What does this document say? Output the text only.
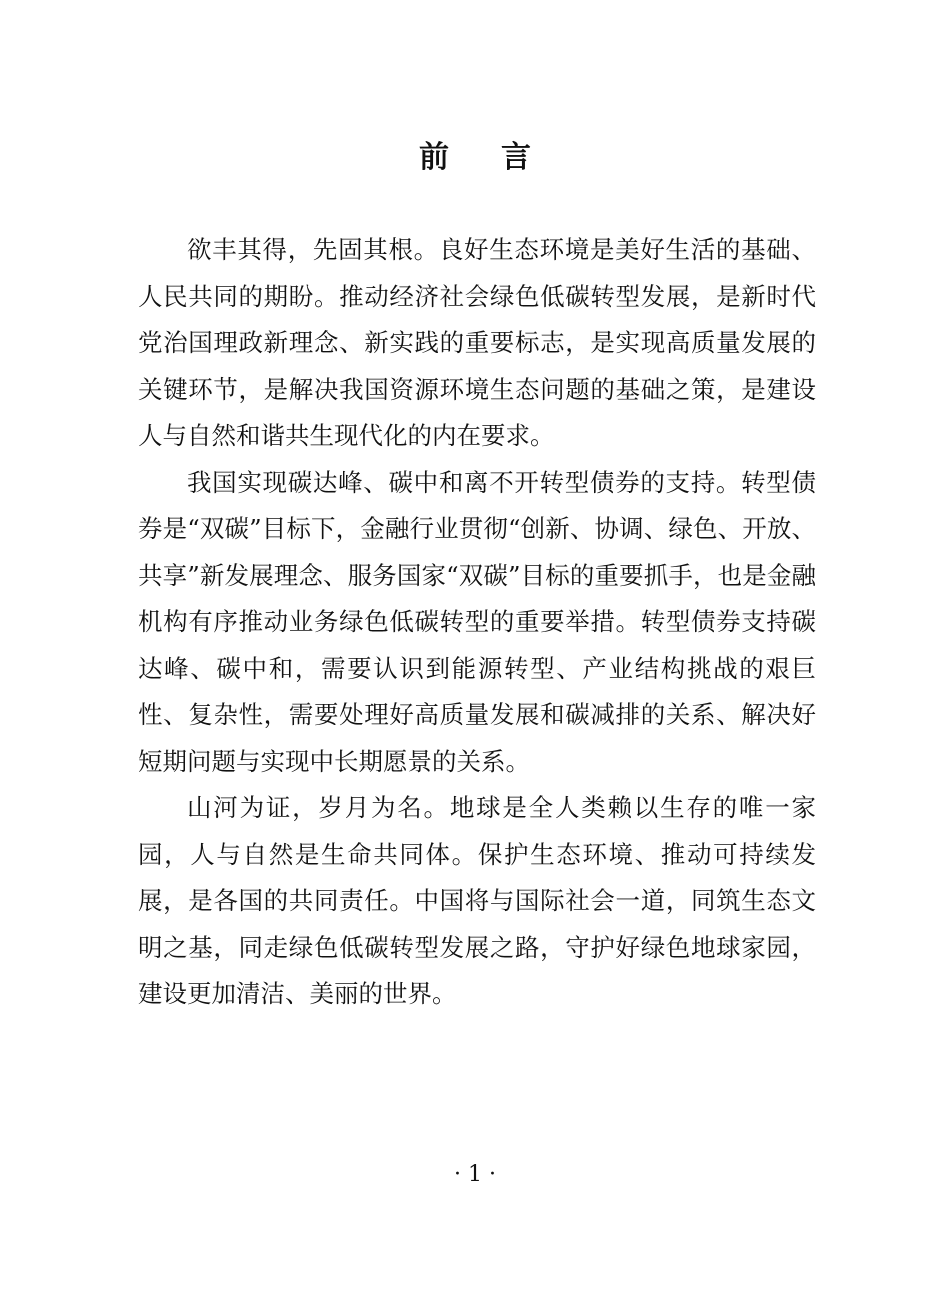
前言

欲丰其得，先固其根。良好生态环境是美好生活的基础、人民共同的期盼。推动经济社会绿色低碳转型发展，是新时代党治国理政新理念、新实践的重要标志，是实现高质量发展的关键环节，是解决我国资源环境生态问题的基础之策，是建设人与自然和谐共生现代化的内在要求。

我国实现碳达峰、碳中和离不开转型债券的支持。转型债券是“双碳”目标下，金融行业贯彻“创新、协调、绿色、开放、共享”新发展理念、服务国家“双碳”目标的重要抓手，也是金融机构有序推动业务绿色低碳转型的重要举措。转型债券支持碳达峰、碳中和，需要认识到能源转型、产业结构挑战的艰巨性、复杂性，需要处理好高质量发展和碳减排的关系、解决好短期问题与实现中长期愿景的关系。

山河为证，岁月为名。地球是全人类赖以生存的唯一家园，人与自然是生命共同体。保护生态环境、推动可持续发展，是各国的共同责任。中国将与国际社会一道，同筑生态文明之基，同走绿色低碳转型发展之路，守护好绿色地球家园，建设更加清洁、美丽的世界。

· 1 ·
